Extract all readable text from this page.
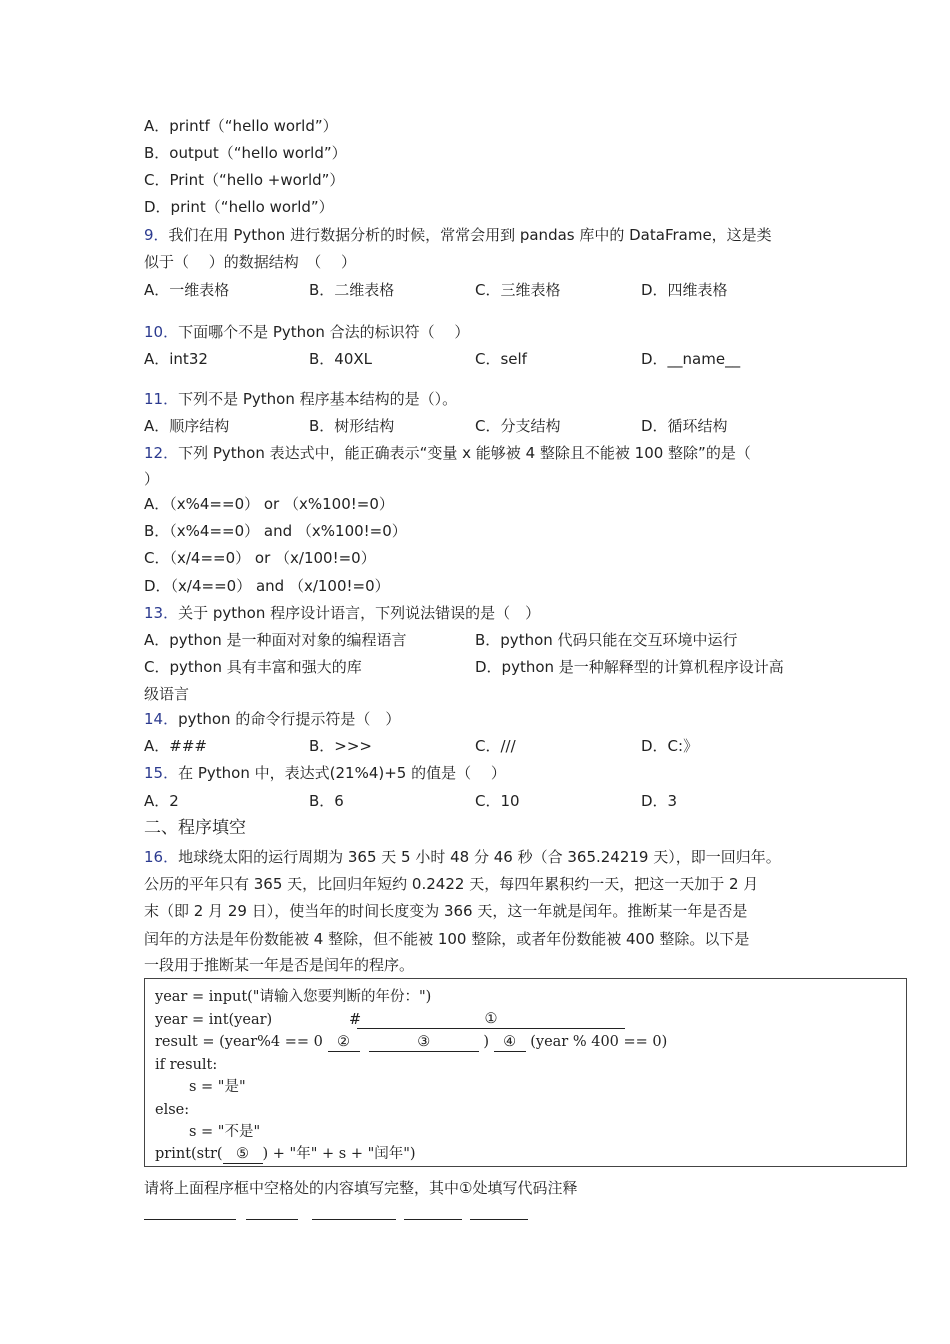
A．printf（“hello world”）
B．output（“hello world”）
C．Print（“hello +world”）
D．print（“hello world”）
9．我们在用 Python 进行数据分析的时候，常常会用到 pandas 库中的 DataFrame，这是类
似于（　 ）的数据结构　（　 ）
A．一维表格	B．二维表格	C．三维表格	D．四维表格
10．下面哪个不是 Python 合法的标识符（　 ）
A．int32	B．40XL	C．self	D．__name__
11．下列不是 Python 程序基本结构的是（）。
A．顺序结构	B．树形结构	C．分支结构	D．循环结构
12．下列 Python 表达式中，能正确表示“变量 x 能够被 4 整除且不能被 100 整除”的是（
）
A．（x%4==0） or （x%100!=0）
B．（x%4==0） and （x%100!=0）
C．（x/4==0） or （x/100!=0）
D．（x/4==0） and （x/100!=0）
13．关于 python 程序设计语言，下列说法错误的是（　）
A．python 是一种面对对象的编程语言	B．python 代码只能在交互环境中运行
C．python 具有丰富和强大的库	D．python 是一种解释型的计算机程序设计高
级语言
14．python 的命令行提示符是（　）
A．###	B．>>>	C．///	D．C:》
15．在 Python 中，表达式(21%4)+5 的值是（　 ）
A．2	B．6	C．10	D．3
二、程序填空
16．地球绕太阳的运行周期为 365 天 5 小时 48 分 46 秒（合 365.24219 天），即一回归年。
公历的平年只有 365 天，比回归年短约 0.2422 天，每四年累积约一天，把这一天加于 2 月
末（即 2 月 29 日），使当年的时间长度变为 366 天，这一年就是闰年。推断某一年是否是
闰年的方法是年份数能被 4 整除，但不能被 100 整除，或者年份数能被 400 整除。以下是
一段用于推断某一年是否是闰年的程序。
year = input("请输入您要判断的年份：")
year = int(year)	#	①
result = (year%4 == 0 ②	③	) ④ (year % 400 == 0)
if result:
s = "是"
else:
s = "不是"
print(str( ⑤ ) + "年" + s + "闰年")
请将上面程序框中空格处的内容填写完整，其中①处填写代码注释
